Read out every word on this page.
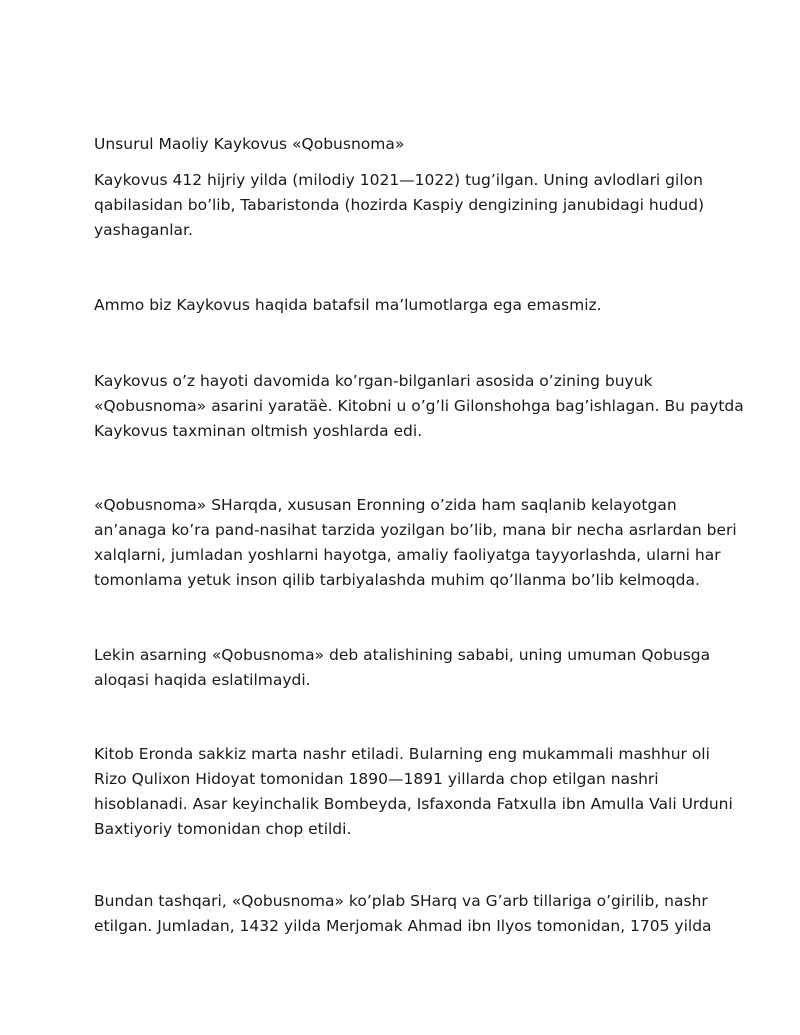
Unsurul Maoliy Kaykovus «Qobusnoma»

Kaykovus 412 hijriy yilda (milodiy 1021—1022) tug’ilgan. Uning avlodlari gilon
qabilasidan bo’lib, Tabaristonda (hozirda Kaspiy dengizining janubidagi hudud)
yashaganlar.

Ammo biz Kaykovus haqida batafsil ma’lumotlarga ega emasmiz.

Kaykovus o’z hayoti davomida ko’rgan-bilganlari asosida o’zining buyuk
«Qobusnoma» asarini yaratäè. Kitobni u o’g’li Gilonshohga bag’ishlagan. Bu paytda
Kaykovus taxminan oltmish yoshlarda edi.

«Qobusnoma» SHarqda, xususan Eronning o’zida ham saqlanib kelayotgan
an’anaga ko’ra pand-nasihat tarzida yozilgan bo’lib, mana bir necha asrlardan beri
xalqlarni, jumladan yoshlarni hayotga, amaliy faoliyatga tayyorlashda, ularni har
tomonlama yetuk inson qilib tarbiyalashda muhim qo’llanma bo’lib kelmoqda.

Lekin asarning «Qobusnoma» deb atalishining sababi, uning umuman Qobusga
aloqasi haqida eslatilmaydi.

Kitob Eronda sakkiz marta nashr etiladi. Bularning eng mukammali mashhur oli
Rizo Qulixon Hidoyat tomonidan 1890—1891 yillarda chop etilgan nashri
hisoblanadi. Asar keyinchalik Bombeyda, Isfaxonda Fatxulla ibn Amulla Vali Urduni
Baxtiyoriy tomonidan chop etildi.

Bundan tashqari, «Qobusnoma» ko’plab SHarq va G’arb tillariga o’girilib, nashr
etilgan. Jumladan, 1432 yilda Merjomak Ahmad ibn Ilyos tomonidan, 1705 yilda
